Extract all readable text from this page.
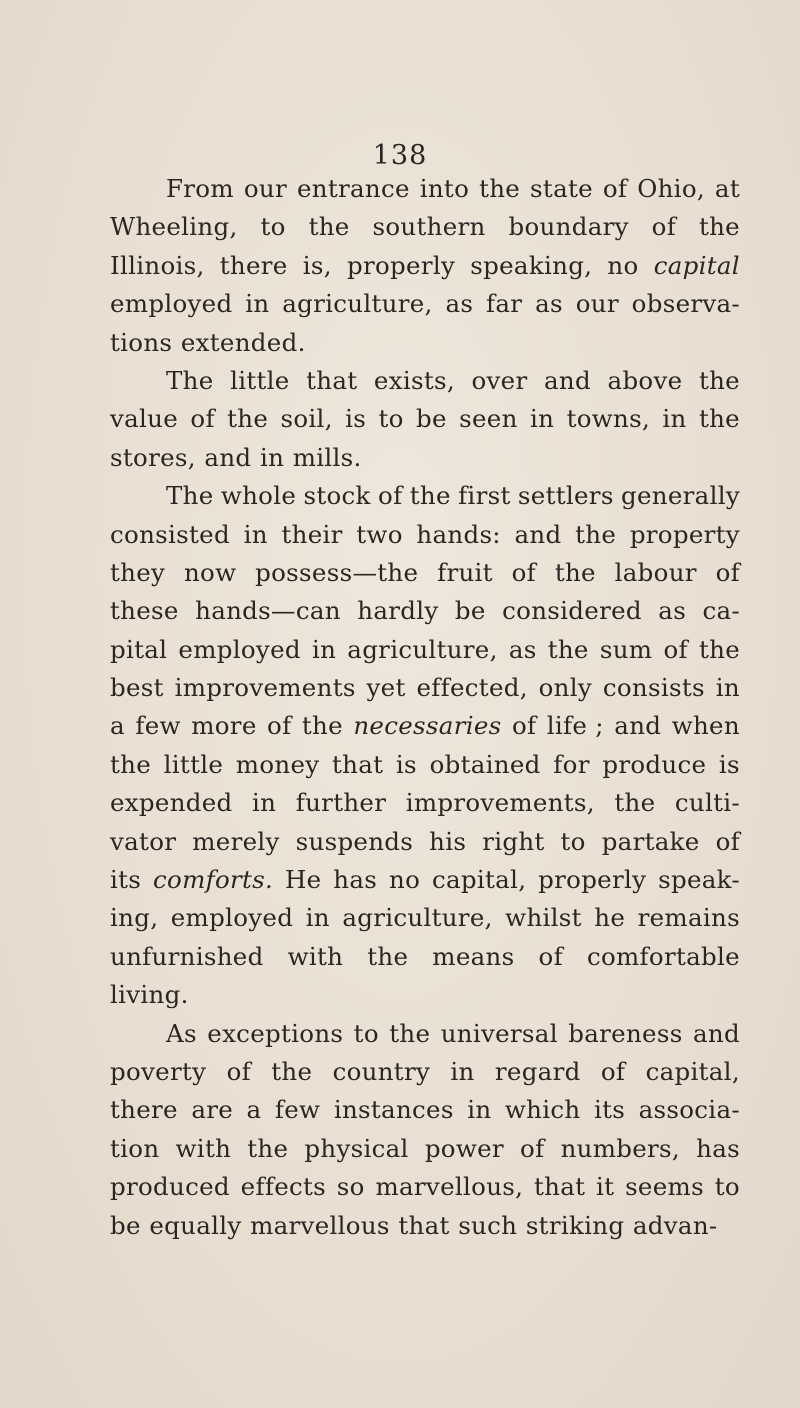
138
From our entrance into the state of Ohio, at
Wheeling, to the southern boundary of the
Illinois, there is, properly speaking, no capital
employed in agriculture, as far as our observa-
tions extended.
The little that exists, over and above the
value of the soil, is to be seen in towns, in the
stores, and in mills.
The whole stock of the first settlers generally
consisted in their two hands: and the property
they now possess—the fruit of the labour of
these hands—can hardly be considered as ca-
pital employed in agriculture, as the sum of the
best improvements yet effected, only consists in
a few more of the necessaries of life ; and when
the little money that is obtained for produce is
expended in further improvements, the culti-
vator merely suspends his right to partake of
its comforts. He has no capital, properly speak-
ing, employed in agriculture, whilst he remains
unfurnished with the means of comfortable
living.
As exceptions to the universal bareness and
poverty of the country in regard of capital,
there are a few instances in which its associa-
tion with the physical power of numbers, has
produced effects so marvellous, that it seems to
be equally marvellous that such striking advan-
